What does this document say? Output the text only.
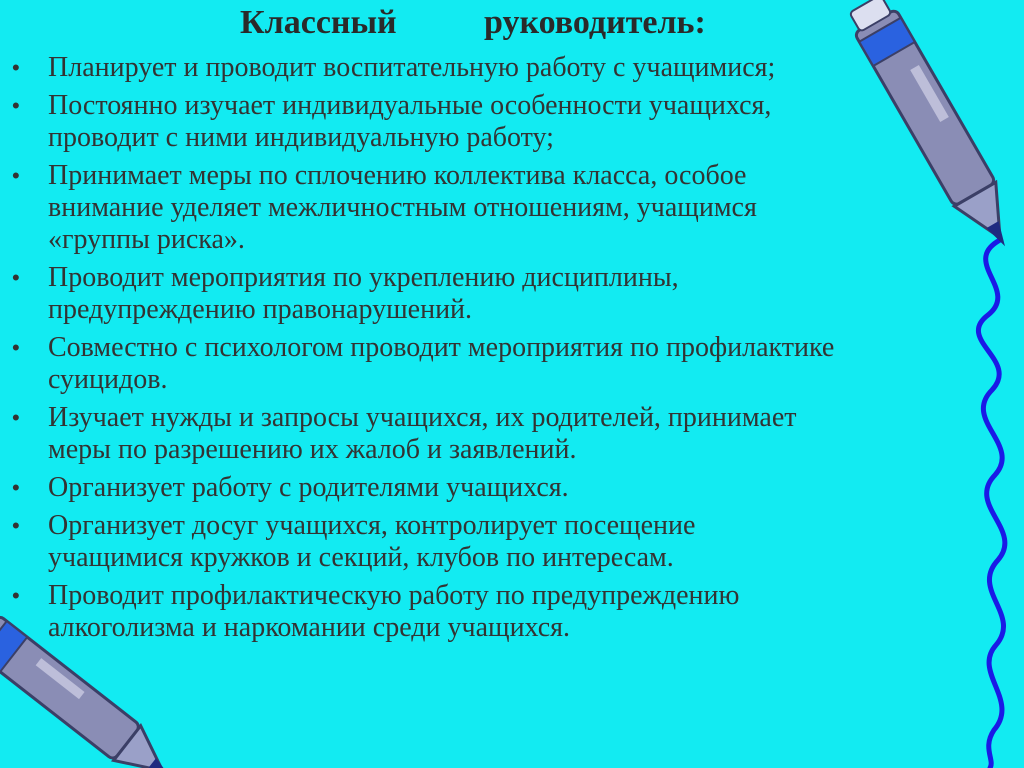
Классный	руководитель:
• Планирует и проводит воспитательную работу с учащимися;
• Постоянно изучает индивидуальные особенности учащихся,
проводит с ними индивидуальную работу;
• Принимает меры по сплочению коллектива класса, особое
внимание уделяет межличностным отношениям, учащимся
«группы риска».
• Проводит мероприятия по укреплению дисциплины,
предупреждению правонарушений.
• Совместно с психологом проводит мероприятия по профилактике
суицидов.
• Изучает нужды и запросы учащихся, их родителей, принимает
меры по разрешению их жалоб и заявлений.
• Организует работу с родителями учащихся.
• Организует досуг учащихся, контролирует посещение
учащимися кружков и секций, клубов по интересам.
• Проводит профилактическую работу по предупреждению
алкоголизма и наркомании среди учащихся.
